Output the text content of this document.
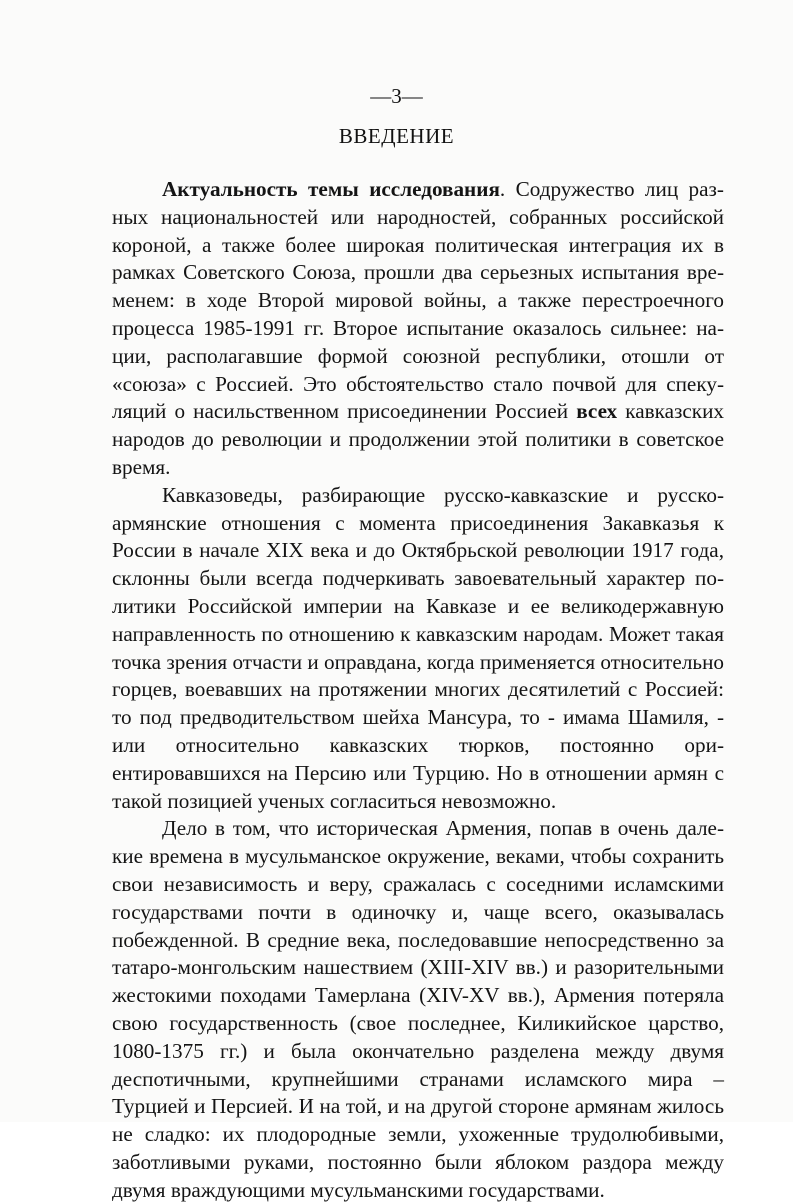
—3—
ВВЕДЕНИЕ

Актуальность темы исследования. Содружество лиц разных национальностей или народностей, собранных российской короной, а также более широкая политическая интеграция их в рамках Советского Союза, прошли два серьезных испытания временем: в ходе Второй мировой войны, а также перестроечного процесса 1985-1991 гг. Второе испытание оказалось сильнее: нации, располагавшие формой союзной республики, отошли от «союза» с Россией. Это обстоятельство стало почвой для спекуляций о насильственном присоединении Россией всех кавказских народов до революции и продолжении этой политики в советское время.

Кавказоведы, разбирающие русско-кавказские и русско-армянские отношения с момента присоединения Закавказья к России в начале XIX века и до Октябрьской революции 1917 года, склонны были всегда подчеркивать завоевательный характер политики Российской империи на Кавказе и ее великодержавную направленность по отношению к кавказским народам. Может такая точка зрения отчасти и оправдана, когда применяется относительно горцев, воевавших на протяжении многих десятилетий с Россией: то под предводительством шейха Мансура, то - имама Шамиля, - или относительно кавказских тюрков, постоянно ориентировавшихся на Персию или Турцию. Но в отношении армян с такой позицией ученых согласиться невозможно.

Дело в том, что историческая Армения, попав в очень далекие времена в мусульманское окружение, веками, чтобы сохранить свои независимость и веру, сражалась с соседними исламскими государствами почти в одиночку и, чаще всего, оказывалась побежденной. В средние века, последовавшие непосредственно за татаро-монгольским нашествием (XIII-XIV вв.) и разорительными жестокими походами Тамерлана (XIV-XV вв.), Армения потеряла свою государственность (свое последнее, Киликийское царство, 1080-1375 гг.) и была окончательно разделена между двумя деспотичными, крупнейшими странами исламского мира – Турцией и Персией. И на той, и на другой стороне армянам жилось не сладко: их плодородные земли, ухоженные трудолюбивыми, заботливыми руками, постоянно были яблоком раздора между двумя враждующими мусульманскими государствами.
